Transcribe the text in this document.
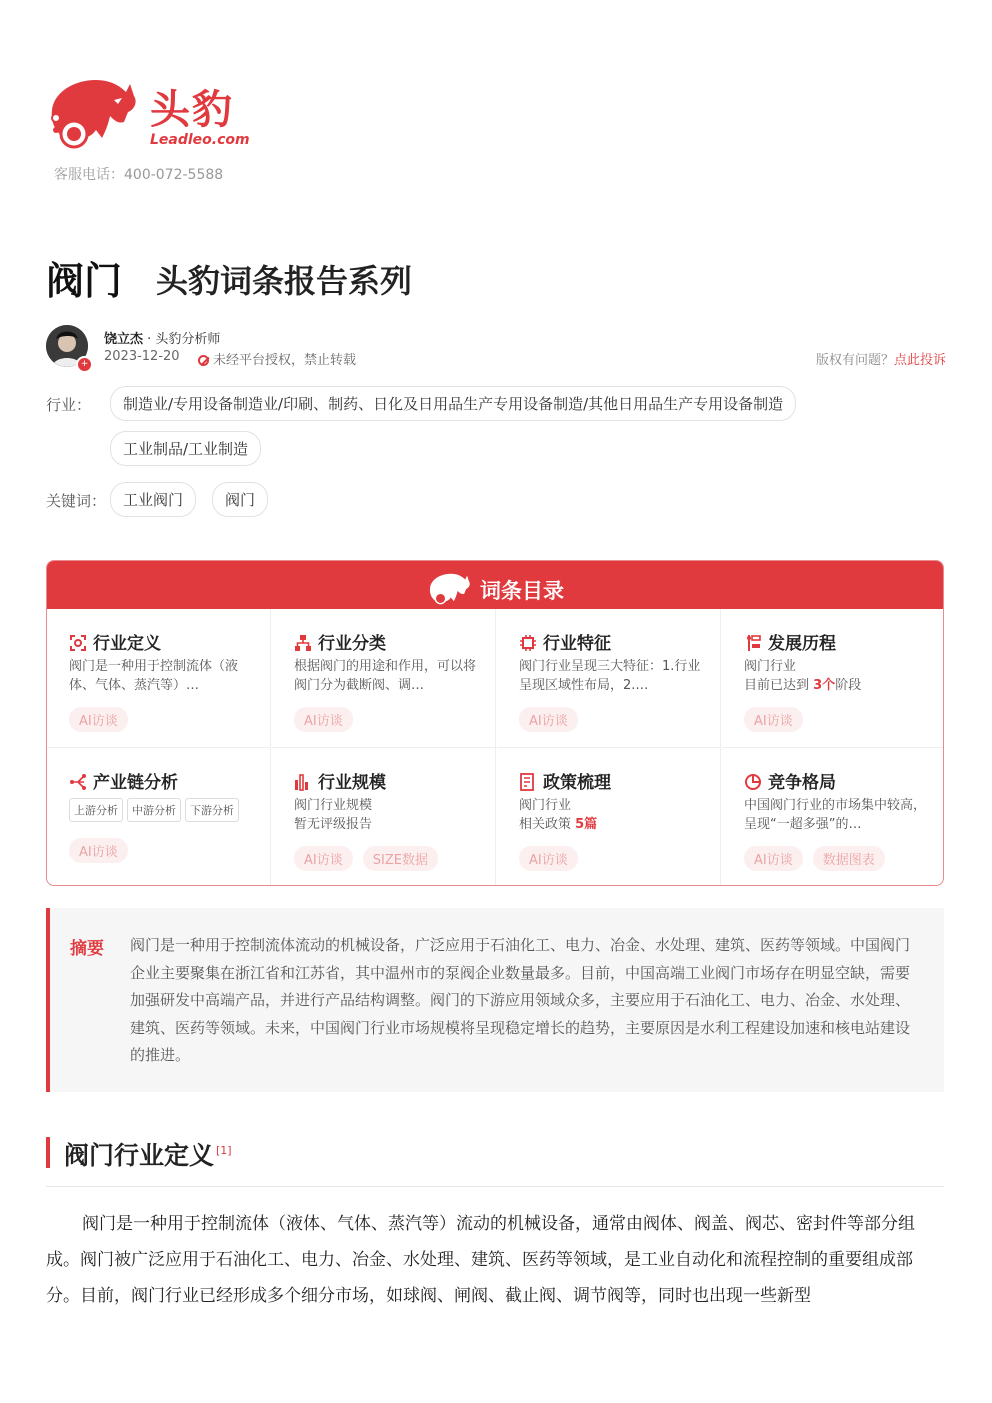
头豹
Leadleo.com
客服电话：400-072-5588
阀门 头豹词条报告系列
+
饶立杰 · 头豹分析师
2023-12-20	未经平台授权，禁止转载	版权有问题？点此投诉
行业：	制造业/专用设备制造业/印刷、制药、日化及日用品生产专用设备制造/其他日用品生产专用设备制造
工业制品/工业制造
关键词：	工业阀门	阀门
词条目录
行业定义
阀门是一种用于控制流体（液体、气体、蒸汽等）…
AI访谈
行业分类
根据阀门的用途和作用，可以将阀门分为截断阀、调…
AI访谈
行业特征
阀门行业呈现三大特征：1.行业呈现区域性布局，2.…
AI访谈
发展历程
阀门行业
目前已达到 3个阶段
AI访谈
产业链分析
上游分析 中游分析 下游分析
AI访谈
行业规模
阀门行业规模
暂无评级报告
AI访谈 SIZE数据
政策梳理
阀门行业
相关政策 5篇
AI访谈
竞争格局
中国阀门行业的市场集中较高，呈现“一超多强”的…
AI访谈 数据图表
摘要 阀门是一种用于控制流体流动的机械设备，广泛应用于石油化工、电力、冶金、水处理、建筑、医药等领域。中国阀门企业主要聚集在浙江省和江苏省，其中温州市的泵阀企业数量最多。目前，中国高端工业阀门市场存在明显空缺，需要加强研发中高端产品，并进行产品结构调整。阀门的下游应用领域众多，主要应用于石油化工、电力、冶金、水处理、建筑、医药等领域。未来，中国阀门行业市场规模将呈现稳定增长的趋势，主要原因是水利工程建设加速和核电站建设的推进。
阀门行业定义 [1]
阀门是一种用于控制流体（液体、气体、蒸汽等）流动的机械设备，通常由阀体、阀盖、阀芯、密封件等部分组成。阀门被广泛应用于石油化工、电力、冶金、水处理、建筑、医药等领域，是工业自动化和流程控制的重要组成部分。目前，阀门行业已经形成多个细分市场，如球阀、闸阀、截止阀、调节阀等，同时也出现一些新型
